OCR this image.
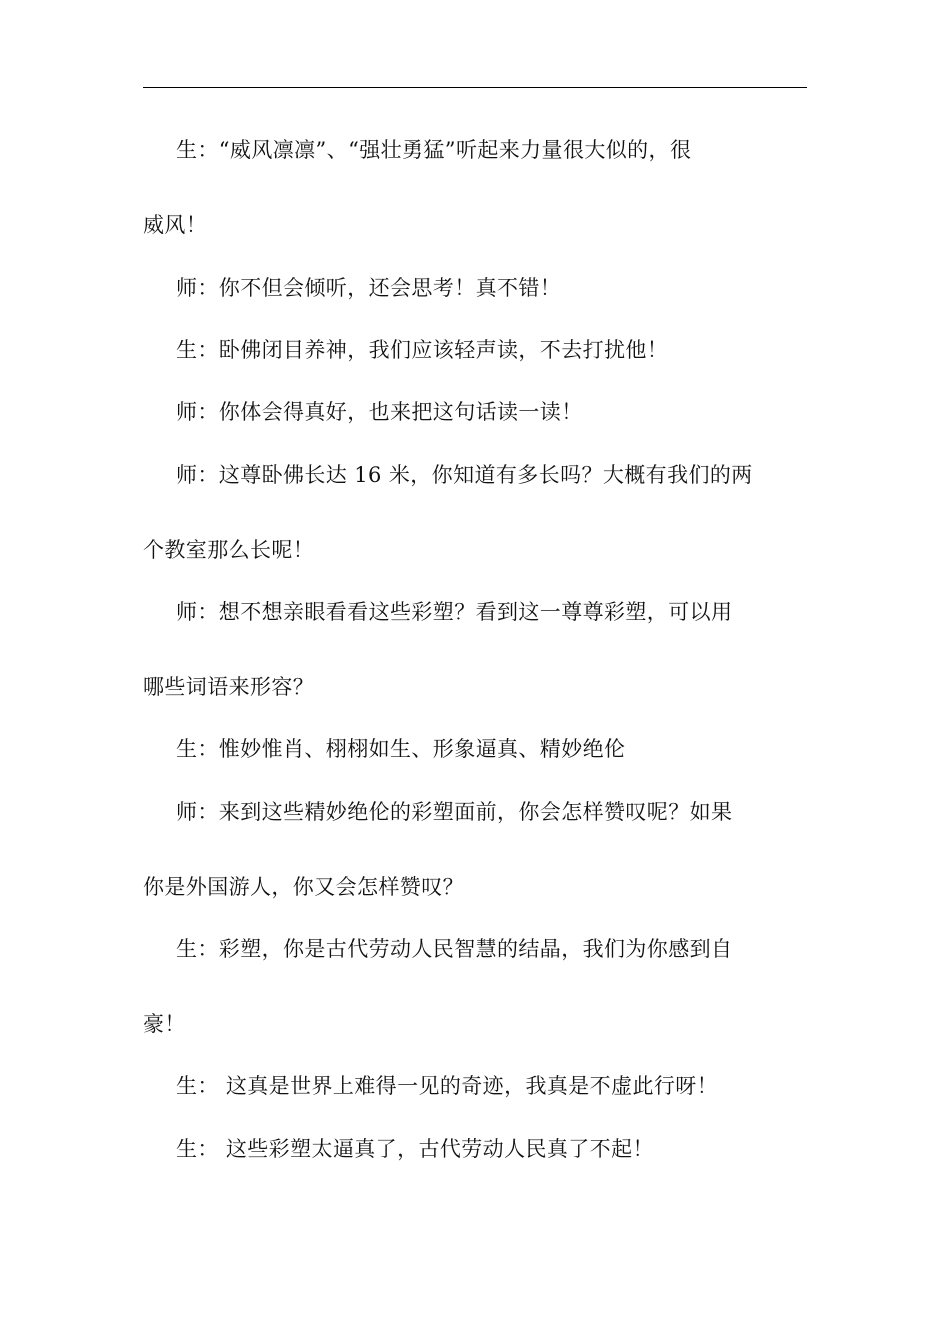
生：“威风凛凛”、“强壮勇猛”听起来力量很大似的，很
威风！
师：你不但会倾听，还会思考！真不错！
生：卧佛闭目养神，我们应该轻声读，不去打扰他！
师：你体会得真好，也来把这句话读一读！
师：这尊卧佛长达 16 米，你知道有多长吗？大概有我们的两
个教室那么长呢！
师：想不想亲眼看看这些彩塑？看到这一尊尊彩塑，可以用
哪些词语来形容？
生：惟妙惟肖、栩栩如生、形象逼真、精妙绝伦
师：来到这些精妙绝伦的彩塑面前，你会怎样赞叹呢？如果
你是外国游人，你又会怎样赞叹？
生：彩塑，你是古代劳动人民智慧的结晶，我们为你感到自
豪！
生： 这真是世界上难得一见的奇迹，我真是不虚此行呀！
生： 这些彩塑太逼真了，古代劳动人民真了不起！
